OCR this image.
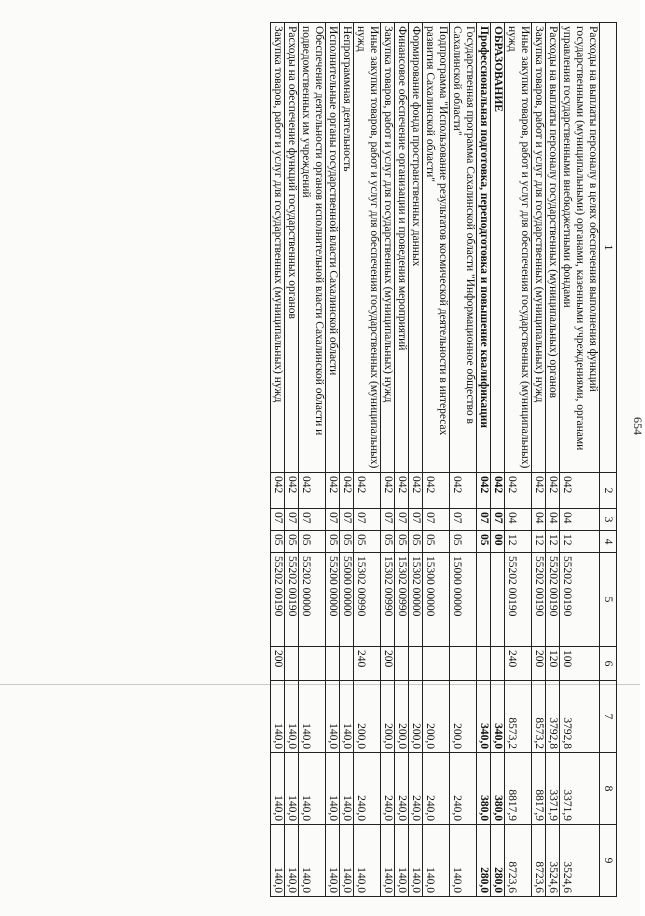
654
1	2	3	4	5	6	7	8	9
Расходы на выплаты персоналу в целях обеспечения выполнения функций государственными (муниципальными) органами, казенными учреждениями, органами управления государственными внебюджетными фондами	042	04	12	55202 00190	100	3792,8	3371,9	3524,6
Расходы на выплаты персоналу государственных (муниципальных) органов	042	04	12	55202 00190	120	3792,8	3371,9	3524,6
Закупка товаров, работ и услуг для государственных (муниципальных) нужд	042	04	12	55202 00190	200	8573,2	8817,9	8723,6
Иные закупки товаров, работ и услуг для обеспечения государственных (муниципальных) нужд	042	04	12	55202 00190	240	8573,2	8817,9	8723,6
ОБРАЗОВАНИЕ	042	07	00			340,0	380,0	280,0
Профессиональная подготовка, переподготовка и повышение квалификации	042	07	05			340,0	380,0	280,0
Государственная программа Сахалинской области "Информационное общество в Сахалинской области"	042	07	05	15000 00000		200,0	240,0	140,0
Подпрограмма "Использование результатов космической деятельности в интересах развития Сахалинской области"	042	07	05	15300 00000		200,0	240,0	140,0
Формирование фонда пространственных данных	042	07	05	15302 00000		200,0	240,0	140,0
Финансовое обеспечение организации и проведения мероприятий	042	07	05	15302 00990		200,0	240,0	140,0
Закупка товаров, работ и услуг для государственных (муниципальных) нужд	042	07	05	15302 00990	200	200,0	240,0	140,0
Иные закупки товаров, работ и услуг для обеспечения государственных (муниципальных) нужд	042	07	05	15302 00990	240	200,0	240,0	140,0
Непрограммная деятельность	042	07	05	55000 00000		140,0	140,0	140,0
Исполнительные органы государственной власти Сахалинской области	042	07	05	55200 00000		140,0	140,0	140,0
Обеспечение деятельности органов исполнительной власти Сахалинской области и подведомственных им учреждений	042	07	05	55202 00000		140,0	140,0	140,0
Расходы на обеспечение функций государственных органов	042	07	05	55202 00190		140,0	140,0	140,0
Закупка товаров, работ и услуг для государственных (муниципальных) нужд	042	07	05	55202 00190	200	140,0	140,0	140,0
